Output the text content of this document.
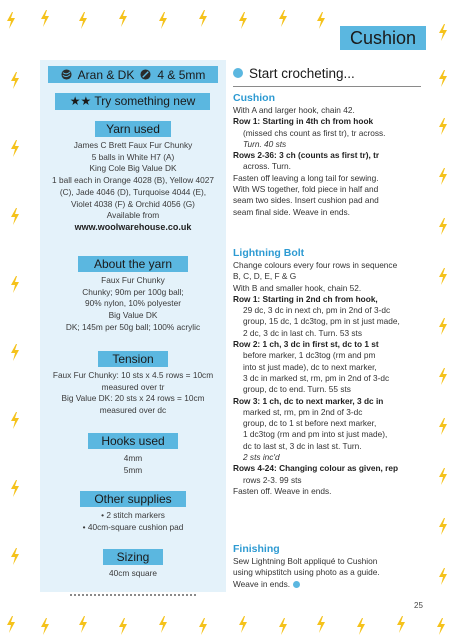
Cushion
Aran & DK 4 & 5mm
★★ Try something new
Yarn used
James C Brett Faux Fur Chunky
5 balls in White H7 (A)
King Cole Big Value DK
1 ball each in Orange 4028 (B), Yellow 4027
(C), Jade 4046 (D), Turquoise 4044 (E),
Violet 4038 (F) & Orchid 4056 (G)
Available from
www.woolwarehouse.co.uk
About the yarn
Faux Fur Chunky
Chunky; 90m per 100g ball;
90% nylon, 10% polyester
Big Value DK
DK; 145m per 50g ball; 100% acrylic
Tension
Faux Fur Chunky: 10 sts x 4.5 rows = 10cm
measured over tr
Big Value DK: 20 sts x 24 rows = 10cm
measured over dc
Hooks used
4mm
5mm
Other supplies
• 2 stitch markers
• 40cm-square cushion pad
Sizing
40cm square
Start crocheting...
Cushion
With A and larger hook, chain 42.
Row 1: Starting in 4th ch from hook
(missed chs count as first tr), tr across.
Turn. 40 sts
Rows 2-36: 3 ch (counts as first tr), tr
across. Turn.
Fasten off leaving a long tail for sewing.
With WS together, fold piece in half and
seam two sides. Insert cushion pad and
seam final side. Weave in ends.
Lightning Bolt
Change colours every four rows in sequence
B, C, D, E, F & G
With B and smaller hook, chain 52.
Row 1: Starting in 2nd ch from hook,
29 dc, 3 dc in next ch, pm in 2nd of 3-dc
group, 15 dc, 1 dc3tog, pm in st just made,
2 dc, 3 dc in last ch. Turn. 53 sts
Row 2: 1 ch, 3 dc in first st, dc to 1 st
before marker, 1 dc3tog (rm and pm
into st just made), dc to next marker,
3 dc in marked st, rm, pm in 2nd of 3-dc
group, dc to end. Turn. 55 sts
Row 3: 1 ch, dc to next marker, 3 dc in
marked st, rm, pm in 2nd of 3-dc
group, dc to 1 st before next marker,
1 dc3tog (rm and pm into st just made),
dc to last st, 3 dc in last st. Turn.
2 sts inc'd
Rows 4-24: Changing colour as given, rep
rows 2-3. 99 sts
Fasten off. Weave in ends.
Finishing
Sew Lightning Bolt appliqué to Cushion
using whipstitch using photo as a guide.
Weave in ends.
25
